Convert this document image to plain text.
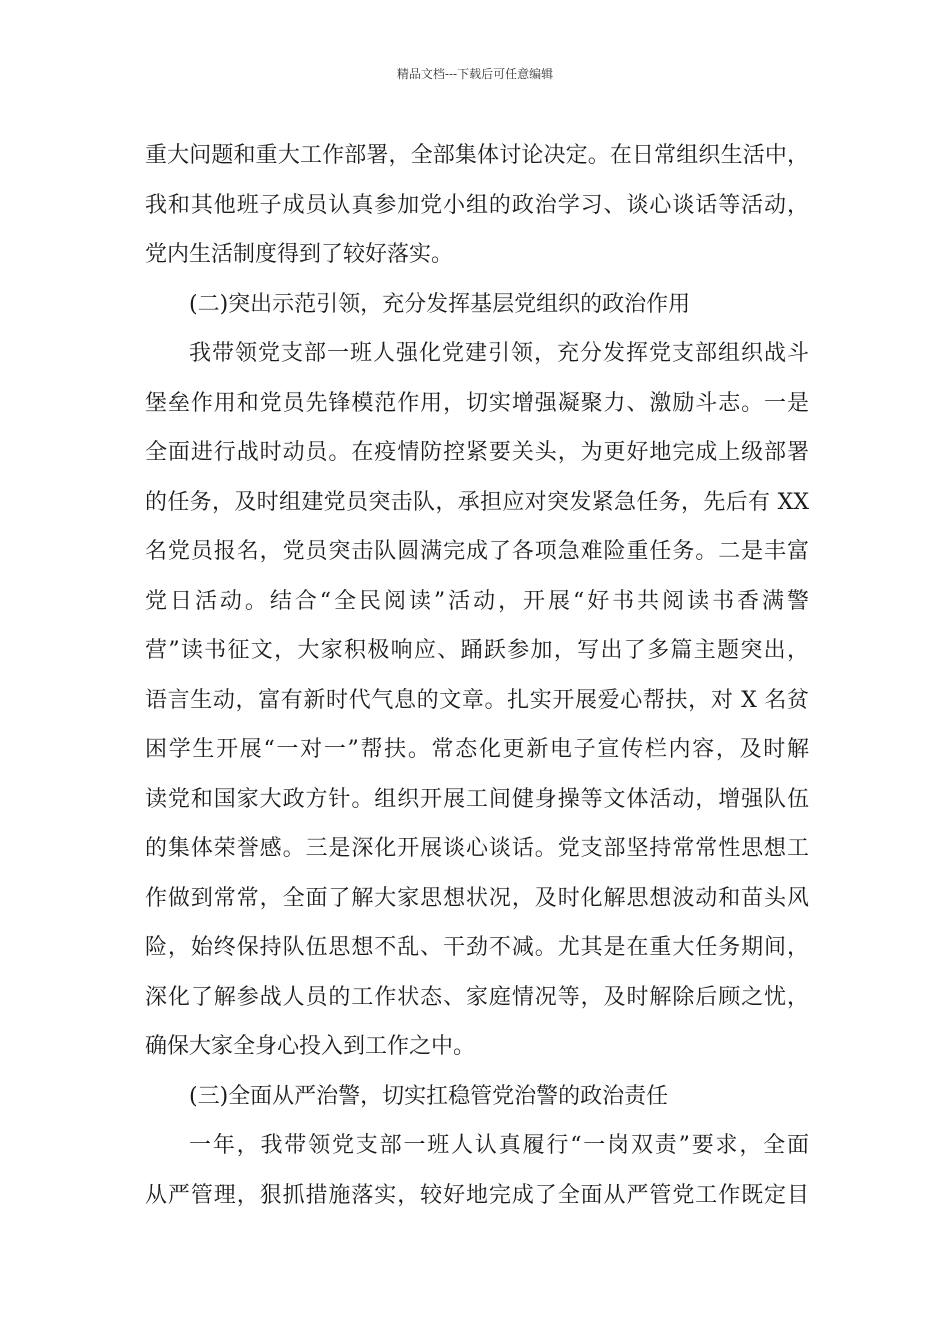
精品文档---下载后可任意编辑
重大问题和重大工作部署，全部集体讨论决定。在日常组织生活中，
我和其他班子成员认真参加党小组的政治学习、谈心谈话等活动，
党内生活制度得到了较好落实。
(二)突出示范引领，充分发挥基层党组织的政治作用
我带领党支部一班人强化党建引领，充分发挥党支部组织战斗
堡垒作用和党员先锋模范作用，切实增强凝聚力、激励斗志。一是
全面进行战时动员。在疫情防控紧要关头，为更好地完成上级部署
的任务，及时组建党员突击队，承担应对突发紧急任务，先后有 XX
名党员报名，党员突击队圆满完成了各项急难险重任务。二是丰富
党日活动。结合“全民阅读”活动，开展“好书共阅读书香满警
营”读书征文，大家积极响应、踊跃参加，写出了多篇主题突出，
语言生动，富有新时代气息的文章。扎实开展爱心帮扶，对 X 名贫
困学生开展“一对一”帮扶。常态化更新电子宣传栏内容，及时解
读党和国家大政方针。组织开展工间健身操等文体活动，增强队伍
的集体荣誉感。三是深化开展谈心谈话。党支部坚持常常性思想工
作做到常常，全面了解大家思想状况，及时化解思想波动和苗头风
险，始终保持队伍思想不乱、干劲不减。尤其是在重大任务期间，
深化了解参战人员的工作状态、家庭情况等，及时解除后顾之忧，
确保大家全身心投入到工作之中。
(三)全面从严治警，切实扛稳管党治警的政治责任
一年，我带领党支部一班人认真履行“一岗双责”要求，全面
从严管理，狠抓措施落实，较好地完成了全面从严管党工作既定目
